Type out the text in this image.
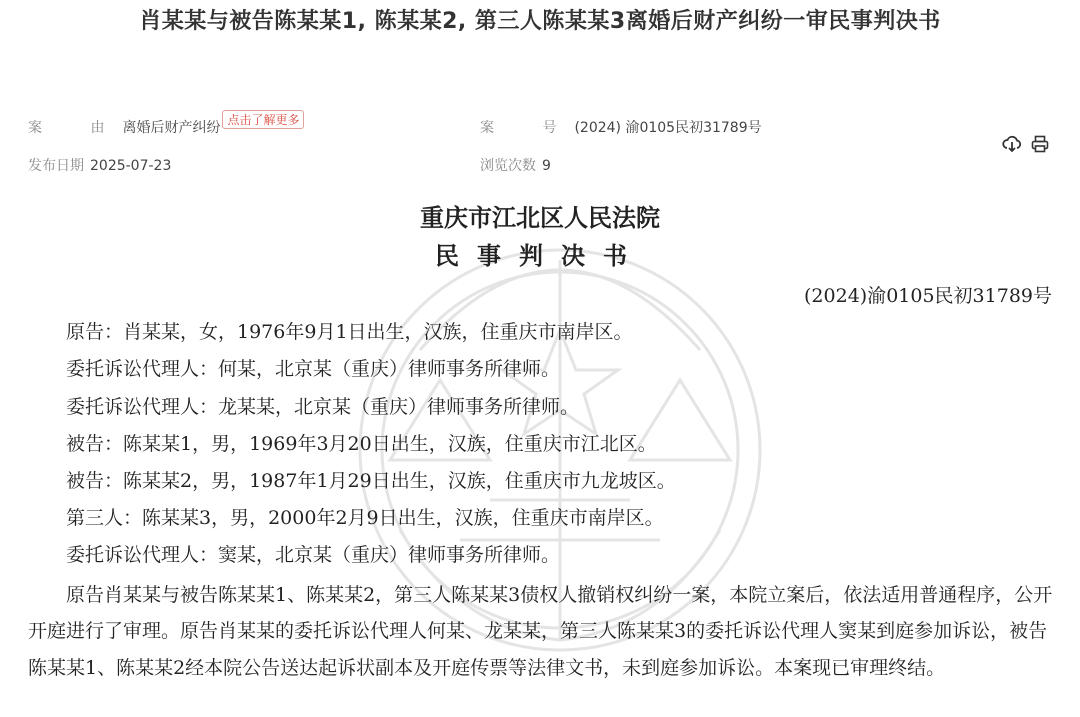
肖某某与被告陈某某1, 陈某某2, 第三人陈某某3离婚后财产纠纷一审民事判决书
案 由离婚后财产纠纷 点击了解更多	案 号(2024) 渝0105民初31789号
发布日期 2025-07-23	浏览次数 9
重庆市江北区人民法院
民事判决书
(2024)渝0105民初31789号
原告：肖某某，女，1976年9月1日出生，汉族，住重庆市南岸区。
委托诉讼代理人：何某，北京某（重庆）律师事务所律师。
委托诉讼代理人：龙某某，北京某（重庆）律师事务所律师。
被告：陈某某1，男，1969年3月20日出生，汉族，住重庆市江北区。
被告：陈某某2，男，1987年1月29日出生，汉族，住重庆市九龙坡区。
第三人：陈某某3，男，2000年2月9日出生，汉族，住重庆市南岸区。
委托诉讼代理人：窦某，北京某（重庆）律师事务所律师。

原告肖某某与被告陈某某1、陈某某2，第三人陈某某3债权人撤销权纠纷一案，本院立案后，依法适用普通程序，公开开庭进行了审理。原告肖某某的委托诉讼代理人何某、龙某某，第三人陈某某3的委托诉讼代理人窦某到庭参加诉讼，被告陈某某1、陈某某2经本院公告送达起诉状副本及开庭传票等法律文书，未到庭参加诉讼。本案现已审理终结。
